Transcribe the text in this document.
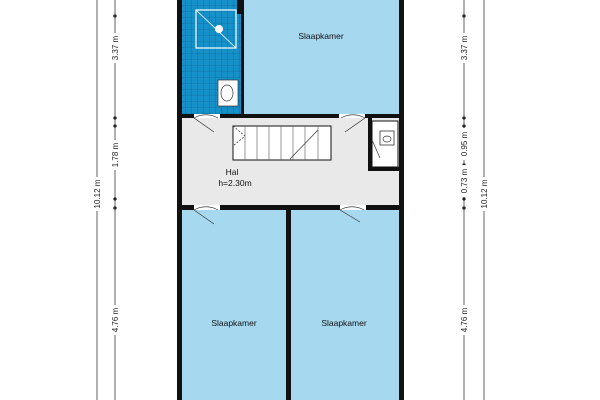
3.37 m
1.78 m
10.12 m
4.76 m
3.37 m
0.95 m
0.73 m 10.12 m
4.76 m
Slaapkamer
Hal
h=2.30m
Slaapkamer	Slaapkamer
